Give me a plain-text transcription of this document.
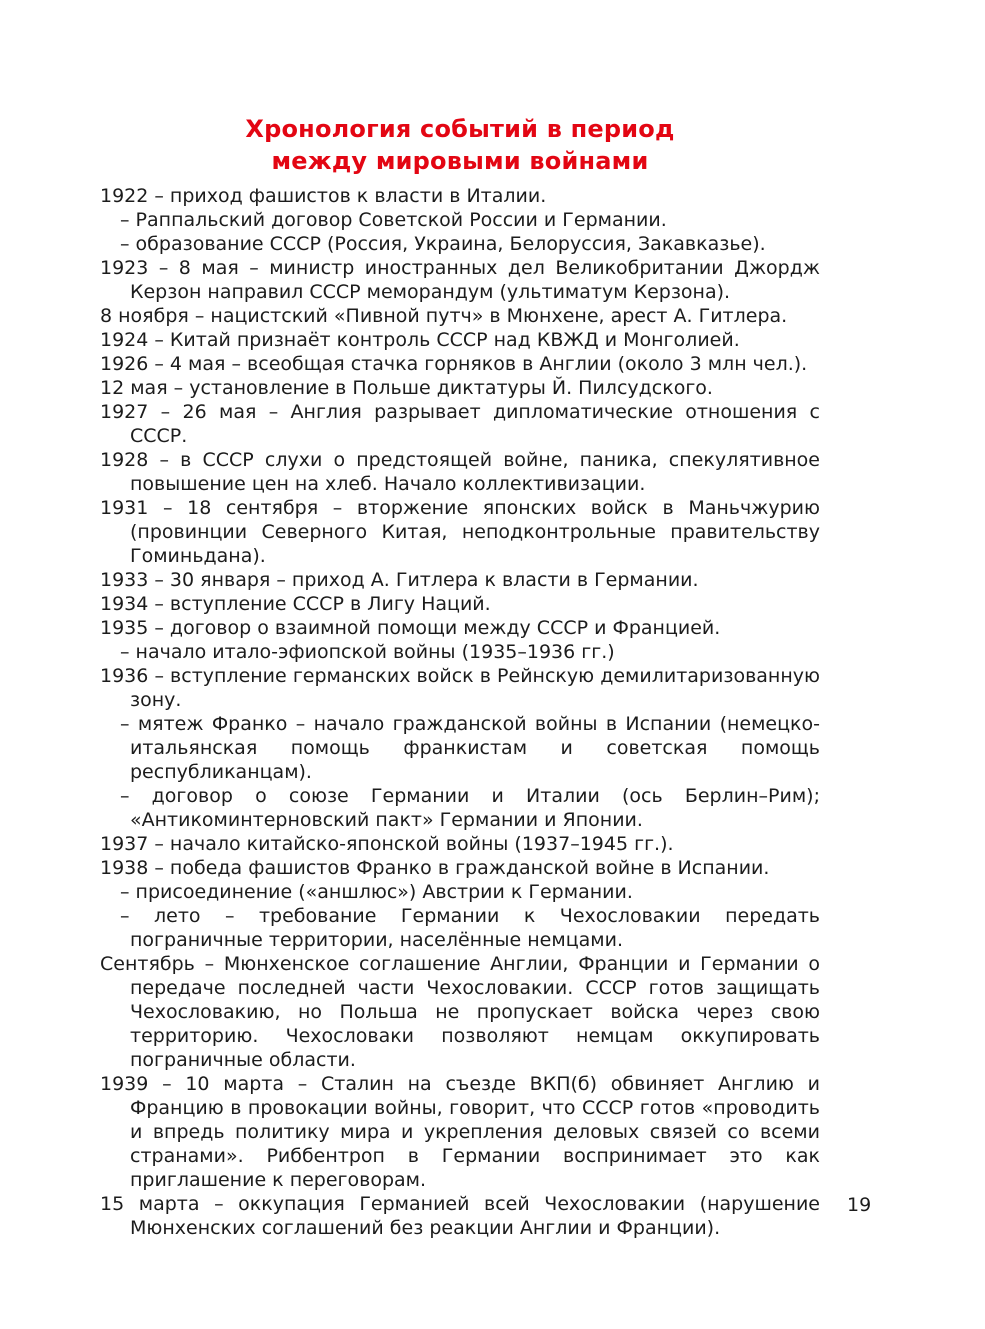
Хронология событий в период
между мировыми войнами

1922 – приход фашистов к власти в Италии.

– Раппальский договор Советской России и Германии.

– образование СССР (Россия, Украина, Белоруссия, Закавказье).

1923 – 8 мая – министр иностранных дел Великобритании Джордж Керзон направил СССР меморандум (ультиматум Керзона).

8 ноября – нацистский «Пивной путч» в Мюнхене, арест А. Гитлера.

1924 – Китай признаёт контроль СССР над КВЖД и Монголией.

1926 – 4 мая – всеобщая стачка горняков в Англии (около 3 млн чел.).

12 мая – установление в Польше диктатуры Й. Пилсудского.

1927 – 26 мая – Англия разрывает дипломатические отношения с СССР.

1928 – в СССР слухи о предстоящей войне, паника, спекулятивное повышение цен на хлеб. Начало коллективизации.

1931 – 18 сентября – вторжение японских войск в Маньчжурию (провинции Северного Китая, неподконтрольные правительству Гоминьдана).

1933 – 30 января – приход А. Гитлера к власти в Германии.

1934 – вступление СССР в Лигу Наций.

1935 – договор о взаимной помощи между СССР и Францией.

– начало итало-эфиопской войны (1935–1936 гг.)

1936 – вступление германских войск в Рейнскую демилитаризованную зону.

– мятеж Франко – начало гражданской войны в Испании (немецко-итальянская помощь франкистам и советская помощь республиканцам).

– договор о союзе Германии и Италии (ось Берлин–Рим); «Антикоминтерновский пакт» Германии и Японии.

1937 – начало китайско-японской войны (1937–1945 гг.).

1938 – победа фашистов Франко в гражданской войне в Испании.

– присоединение («аншлюс») Австрии к Германии.

– лето – требование Германии к Чехословакии передать пограничные территории, населённые немцами.

Сентябрь – Мюнхенское соглашение Англии, Франции и Германии о передаче последней части Чехословакии. СССР готов защищать Чехословакию, но Польша не пропускает войска через свою территорию. Чехословаки позволяют немцам оккупировать пограничные области.

1939 – 10 марта – Сталин на съезде ВКП(б) обвиняет Англию и Францию в провокации войны, говорит, что СССР готов «проводить и впредь политику мира и укрепления деловых связей со всеми странами». Риббентроп в Германии воспринимает это как приглашение к переговорам.

15 марта – оккупация Германией всей Чехословакии (нарушение Мюнхенских соглашений без реакции Англии и Франции).

19
